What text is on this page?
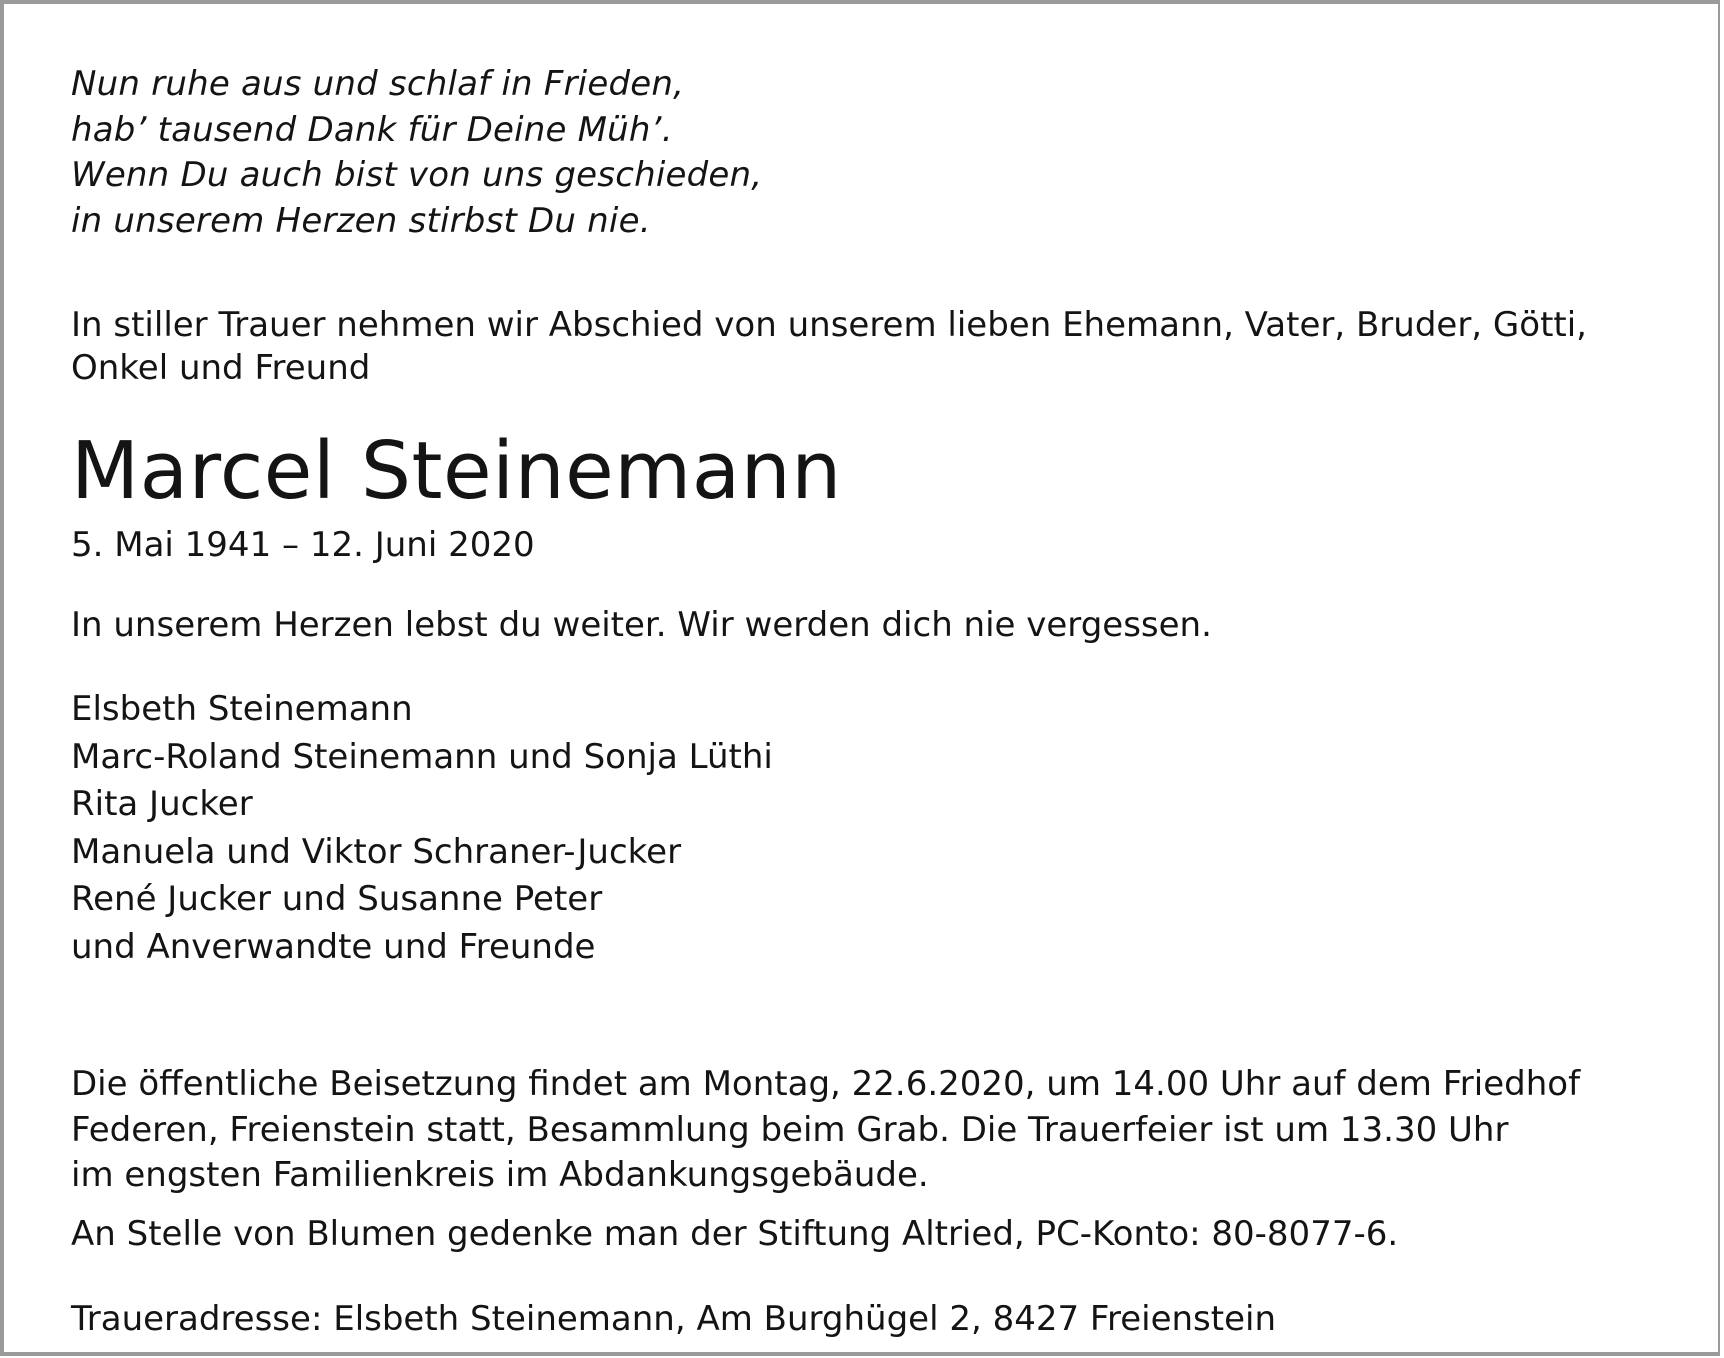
Nun ruhe aus und schlaf in Frieden,
hab’ tausend Dank für Deine Müh’.
Wenn Du auch bist von uns geschieden,
in unserem Herzen stirbst Du nie.
In stiller Trauer nehmen wir Abschied von unserem lieben Ehemann, Vater, Bruder, Götti,
Onkel und Freund
Marcel Steinemann
5. Mai 1941 – 12. Juni 2020
In unserem Herzen lebst du weiter. Wir werden dich nie vergessen.
Elsbeth Steinemann
Marc-Roland Steinemann und Sonja Lüthi
Rita Jucker
Manuela und Viktor Schraner-Jucker
René Jucker und Susanne Peter
und Anverwandte und Freunde
Die öffentliche Beisetzung findet am Montag, 22.6.2020, um 14.00 Uhr auf dem Friedhof
Federen, Freienstein statt, Besammlung beim Grab. Die Trauerfeier ist um 13.30 Uhr
im engsten Familienkreis im Abdankungsgebäude.
An Stelle von Blumen gedenke man der Stiftung Altried, PC-Konto: 80-8077-6.
Traueradresse: Elsbeth Steinemann, Am Burghügel 2, 8427 Freienstein
